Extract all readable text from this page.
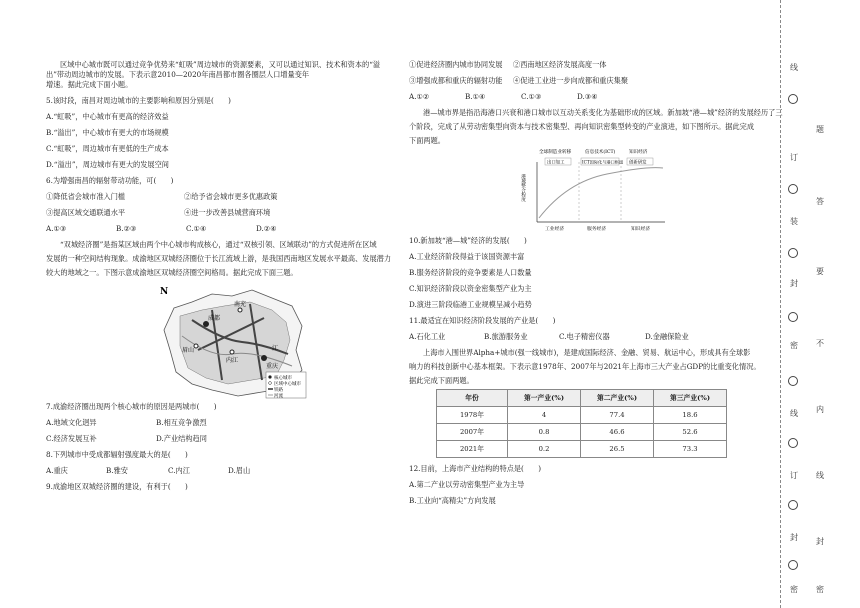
区域中心城市既可以通过竞争优势来“虹吸”周边城市的资源要素，又可以通过知识、技术和资本的“溢

出”带动周边城市的发展。下表示意2010—2020年南昌都市圈各圈层人口增量变年

增速。据此完成下面小题。

5.该时段，南昌对周边城市的主要影响和原因分别是(　　)

A.“虹吸”，中心城市有更高的经济效益

B.“溢出”，中心城市有更大的市场规模

C.“虹吸”，周边城市有更低的生产成本

D.“溢出”，周边城市有更大的发展空间

6.为增强南昌的辐射带动功能，可(　　)

①降低省会城市准入门槛	②给予省会城市更多优惠政策
③提高区域交通联通水平	④进一步改善县城营商环境
A.①③	B.②③	C.①④	D.②④

“双城经济圈”是指某区域由两个中心城市构成核心，通过“双核引领、区域联动”的方式促进所在区域

发展的一种空间结构现象。成渝地区双城经济圈位于长江流域上游，是我国西南地区发展水平最高、发展潜力

较大的地域之一。下图示意成渝地区双城经济圈空间格局。据此完成下面三题。

N
南充
成都
眉山
内江
江
重庆
核心城市
区域中心城市
铁路
河流

7.成渝经济圈出现两个核心城市的原因是两城市(　　)

A.地域文化迥异	B.相互竞争激烈
C.经济发展互补	D.产业结构趋同

8.下列城市中受成都辐射强度最大的是(　　)

A.重庆	B.雅安	C.内江	D.眉山

9.成渝地区双城经济圈的建设，有利于(　　)

①促进经济圈内城市协同发展	②西南地区经济发展高度一体
③增强成都和重庆的辐射功能	④促进工业进一步向成都和重庆集聚
A.①②	B.①④	C.①③	D.③④

港—城市界是指沿海港口兴衰和港口城市以互动关系变化为基础形成的区域。新加坡“港—城”经济的发展经历了三

个阶段，完成了从劳动密集型向资本与技术密集型、再向知识密集型转变的产业演进，如下图所示。据此完成

下面两题。

全球制造业转移	信息技术(ICT)	知识经济
出口加工	ICT国际化与港口枢纽 创新研发
港城整合程度
工业经济	服务经济	知识经济

10.新加坡“港—城”经济的发展(　　)

A.工业经济阶段得益于该国资源丰富

B.服务经济阶段的竞争要素是人口数量

C.知识经济阶段以资金密集型产业为主

D.演进三阶段临港工业规模呈减小趋势

11.最适宜在知识经济阶段发展的产业是(　　)

A.石化工业	B.旅游服务业	C.电子精密仪器	D.金融保险业

上海市入围世界Alpha+城市(强一线城市)，是建成国际经济、金融、贸易、航运中心，形成具有全球影

响力的科技创新中心基本框架。下表示意1978年、2007年与2021年上海市三大产业占GDP的比重变化情况。

据此完成下面两题。

年份	第一产业(%)	第二产业(%)	第三产业(%)
1978年	4	77.4	18.6
2007年	0.8	46.6	52.6
2021年	0.2	26.5	73.3

12.目前，上海市产业结构的特点是(　　)

A.第二产业以劳动密集型产业为主导

B.工业向“高精尖”方向发展

线
订
装
封
密
线
订
封
密
题
答
要
不
内
线
封
密
